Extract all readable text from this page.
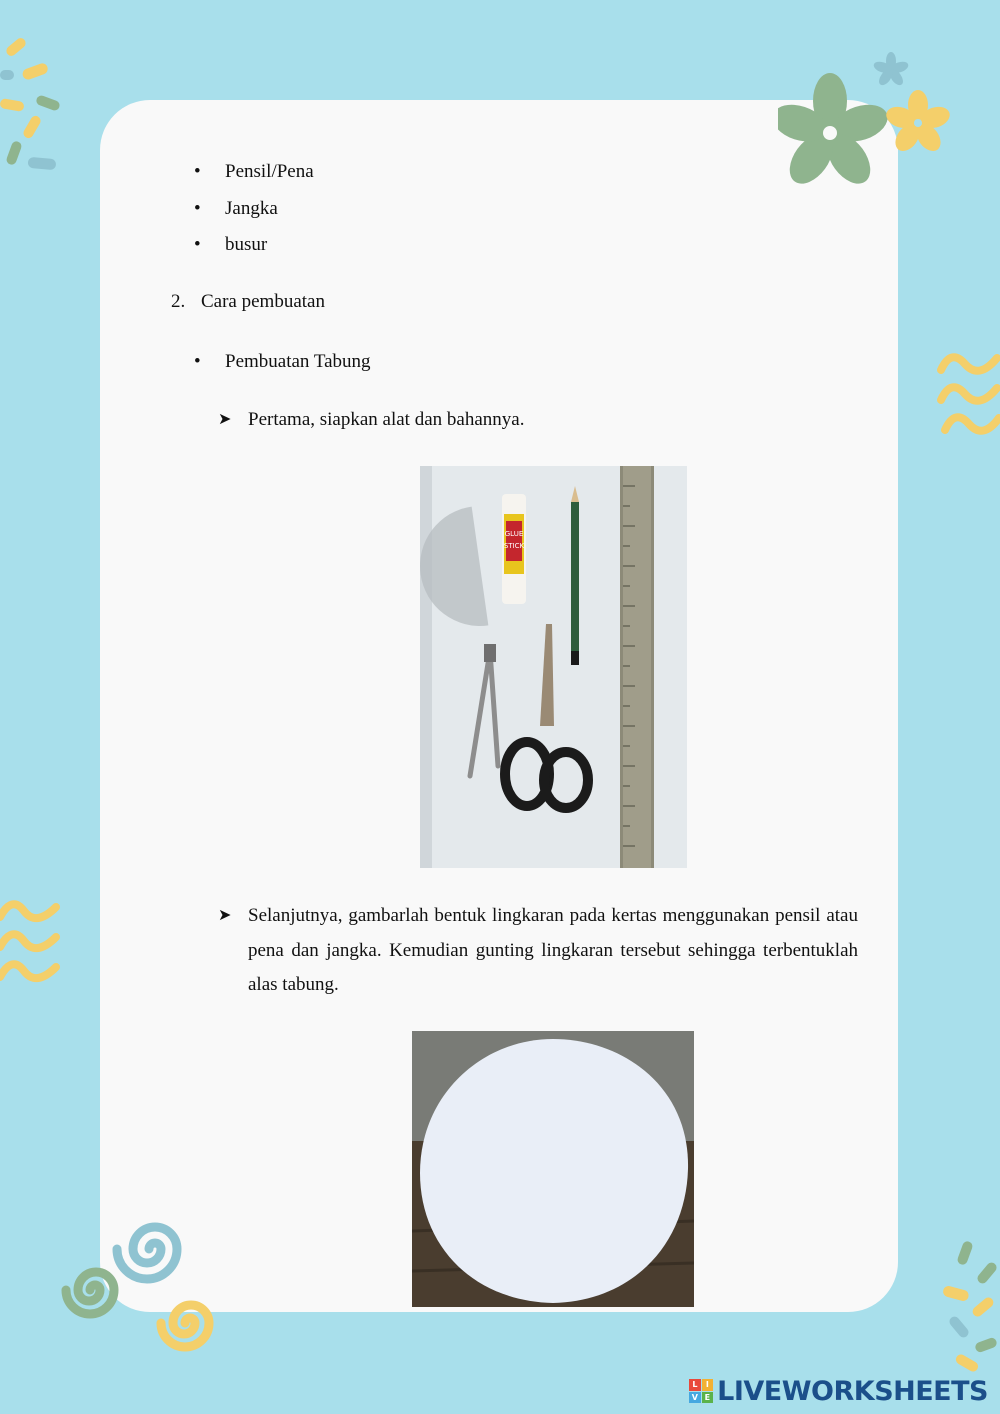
• Pensil/Pena
• Jangka
• busur
2. Cara pembuatan
• Pembuatan Tabung
➤ Pertama, siapkan alat dan bahannya.

GLUE
STICK
➤ Selanjutnya, gambarlah bentuk lingkaran pada kertas menggunakan pensil atau pena dan jangka. Kemudian gunting lingkaran tersebut sehingga terbentuklah alas tabung.

L	I
V E LIVEWORKSHEETS
